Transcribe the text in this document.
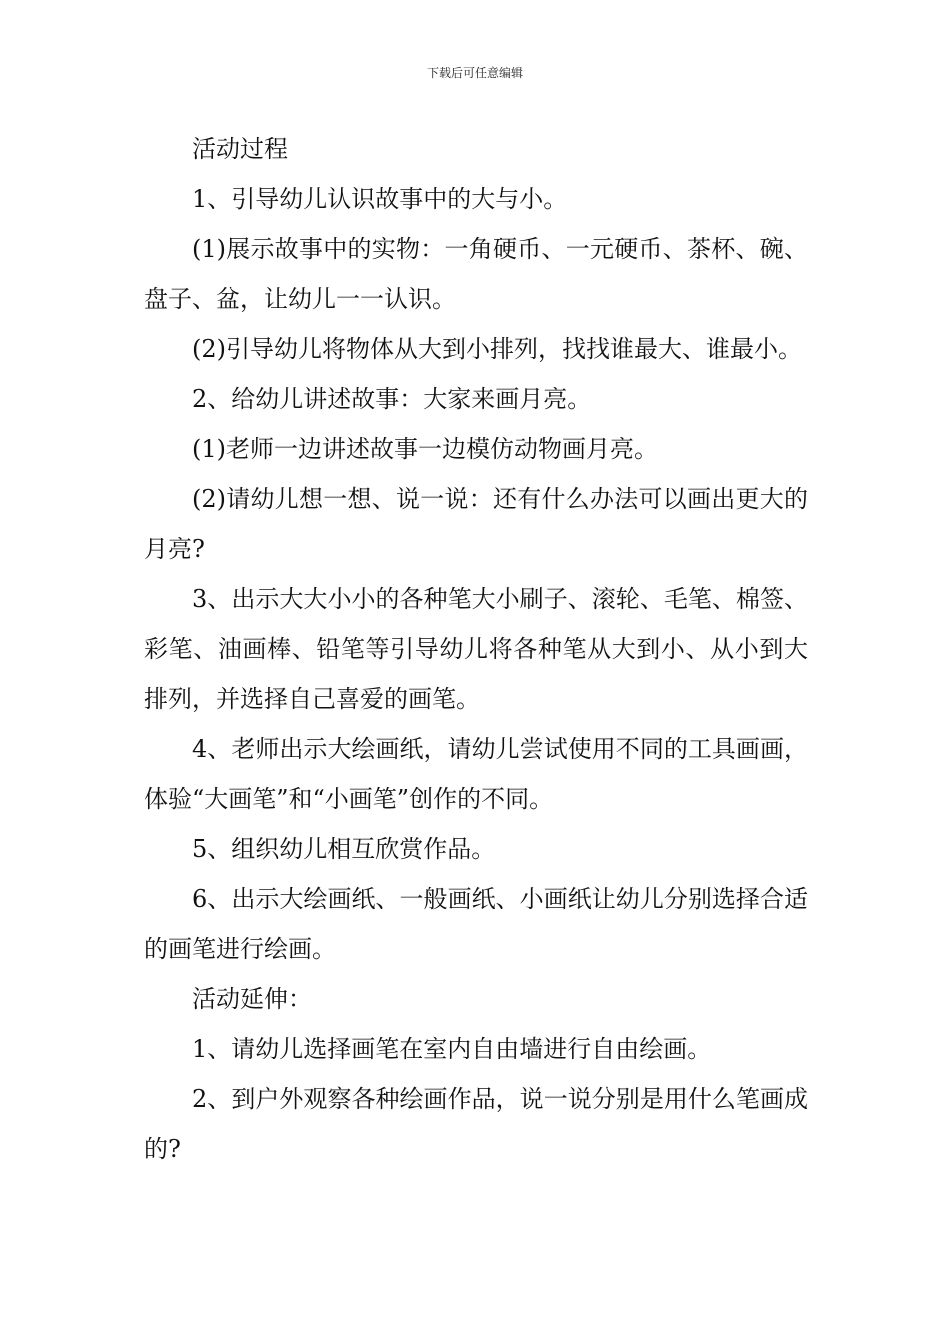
下载后可任意编辑

活动过程

1、引导幼儿认识故事中的大与小。

(1)展示故事中的实物：一角硬币、一元硬币、茶杯、碗、盘子、盆，让幼儿一一认识。

(2)引导幼儿将物体从大到小排列，找找谁最大、谁最小。

2、给幼儿讲述故事：大家来画月亮。

(1)老师一边讲述故事一边模仿动物画月亮。

(2)请幼儿想一想、说一说：还有什么办法可以画出更大的月亮?

3、出示大大小小的各种笔大小刷子、滚轮、毛笔、棉签、彩笔、油画棒、铅笔等引导幼儿将各种笔从大到小、从小到大排列，并选择自己喜爱的画笔。

4、老师出示大绘画纸，请幼儿尝试使用不同的工具画画，体验“大画笔”和“小画笔”创作的不同。

5、组织幼儿相互欣赏作品。

6、出示大绘画纸、一般画纸、小画纸让幼儿分别选择合适的画笔进行绘画。

活动延伸：

1、请幼儿选择画笔在室内自由墙进行自由绘画。

2、到户外观察各种绘画作品，说一说分别是用什么笔画成的?
